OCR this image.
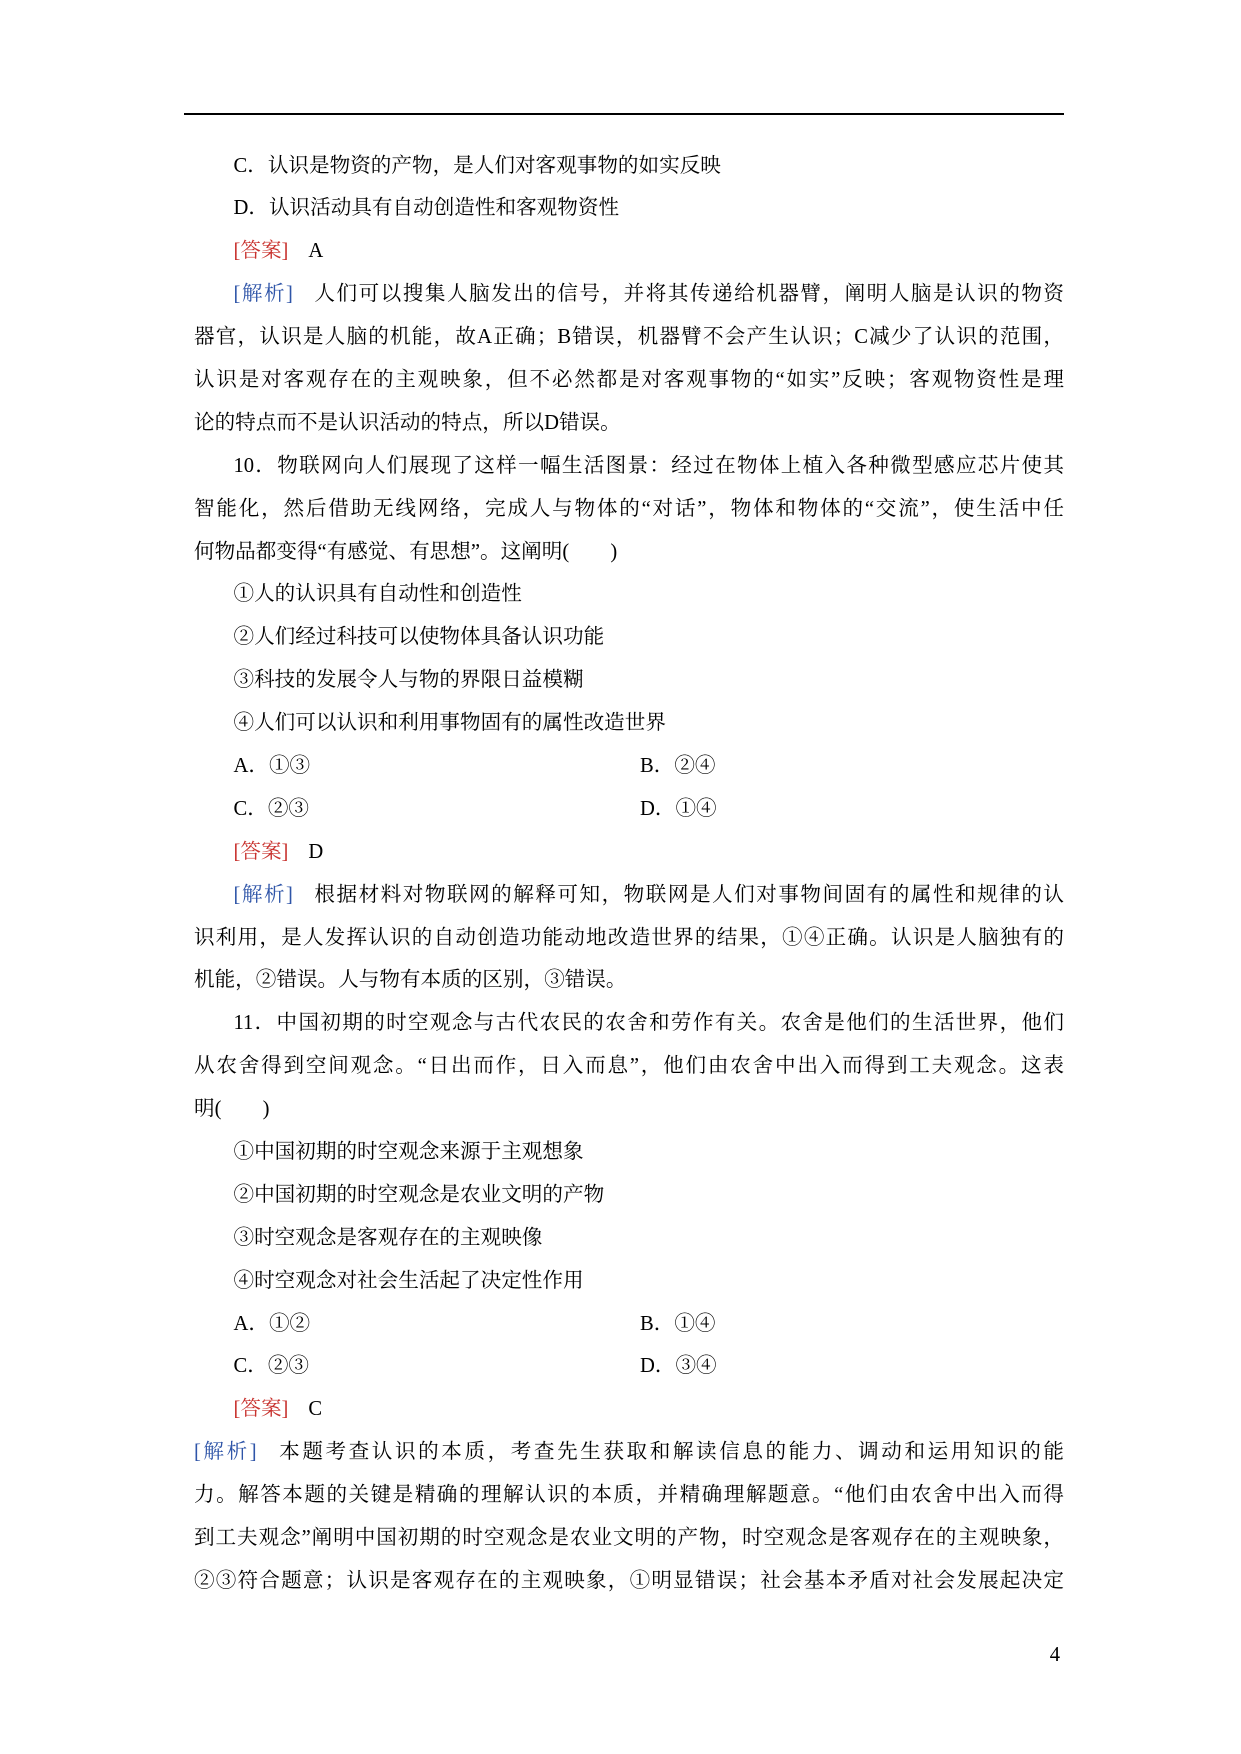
C．认识是物资的产物，是人们对客观事物的如实反映
D．认识活动具有自动创造性和客观物资性
[答案] A
[解析] 人们可以搜集人脑发出的信号，并将其传递给机器臂，阐明人脑是认识的物资
器官，认识是人脑的机能，故A正确；B错误，机器臂不会产生认识；C减少了认识的范围，
认识是对客观存在的主观映象，但不必然都是对客观事物的“如实”反映；客观物资性是理
论的特点而不是认识活动的特点，所以D错误。
10．物联网向人们展现了这样一幅生活图景：经过在物体上植入各种微型感应芯片使其
智能化，然后借助无线网络，完成人与物体的“对话”，物体和物体的“交流”，使生活中任
何物品都变得“有感觉、有思想”。这阐明(　　)
①人的认识具有自动性和创造性
②人们经过科技可以使物体具备认识功能
③科技的发展令人与物的界限日益模糊
④人们可以认识和利用事物固有的属性改造世界
A．①③	B．②④
C．②③	D．①④
[答案] D
[解析] 根据材料对物联网的解释可知，物联网是人们对事物间固有的属性和规律的认
识利用，是人发挥认识的自动创造功能动地改造世界的结果，①④正确。认识是人脑独有的
机能，②错误。人与物有本质的区别，③错误。
11．中国初期的时空观念与古代农民的农舍和劳作有关。农舍是他们的生活世界，他们
从农舍得到空间观念。“日出而作，日入而息”，他们由农舍中出入而得到工夫观念。这表
明(　　)
①中国初期的时空观念来源于主观想象
②中国初期的时空观念是农业文明的产物
③时空观念是客观存在的主观映像
④时空观念对社会生活起了决定性作用
A．①②	B．①④
C．②③	D．③④
[答案] C
[解析] 本题考查认识的本质，考查先生获取和解读信息的能力、调动和运用知识的能
力。解答本题的关键是精确的理解认识的本质，并精确理解题意。“他们由农舍中出入而得
到工夫观念”阐明中国初期的时空观念是农业文明的产物，时空观念是客观存在的主观映象，
②③符合题意；认识是客观存在的主观映象，①明显错误；社会基本矛盾对社会发展起决定
4
